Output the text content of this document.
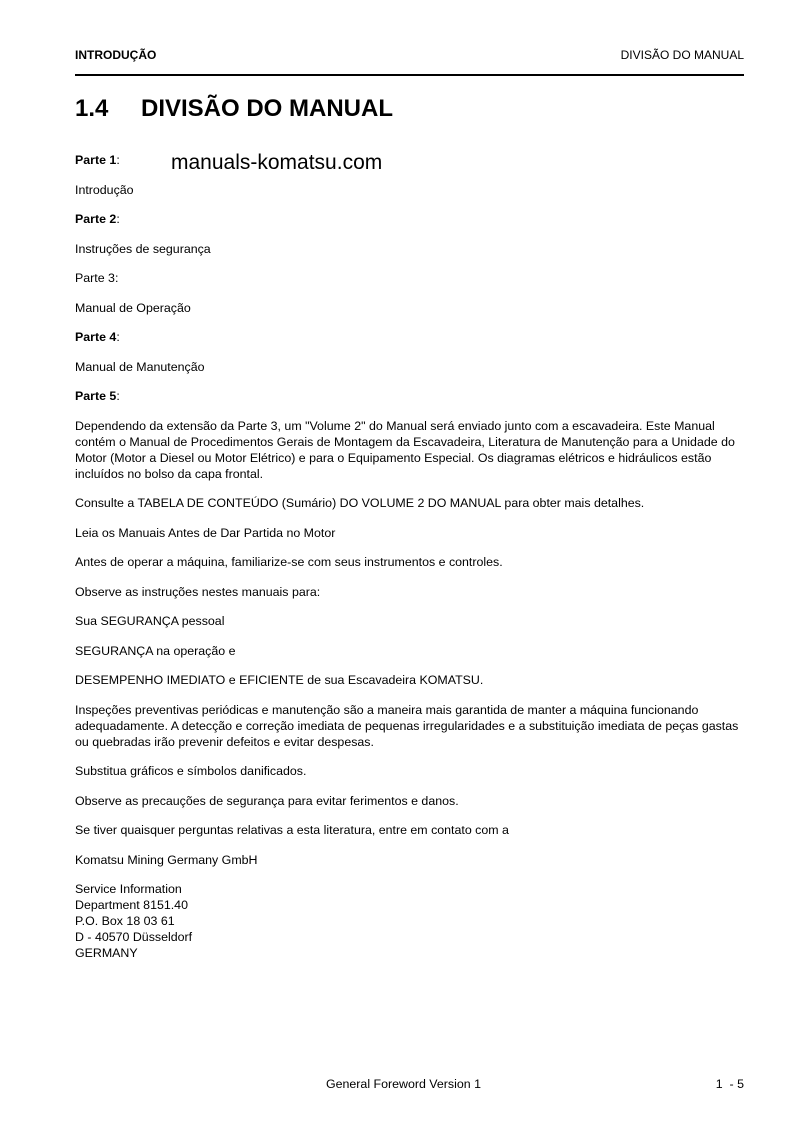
INTRODUÇÃO	DIVISÃO DO MANUAL
1.4 DIVISÃO DO MANUAL
manuals-komatsu.com

Parte 1:

Introdução

Parte 2:

Instruções de segurança

Parte 3:

Manual de Operação

Parte 4:

Manual de Manutenção

Parte 5:

Dependendo da extensão da Parte 3, um "Volume 2" do Manual será enviado junto com a escavadeira. Este Manual contém o Manual de Procedimentos Gerais de Montagem da Escavadeira, Literatura de Manutenção para a Unidade do Motor (Motor a Diesel ou Motor Elétrico) e para o Equipamento Especial. Os diagramas elétricos e hidráulicos estão incluídos no bolso da capa frontal.

Consulte a TABELA DE CONTEÚDO (Sumário) DO VOLUME 2 DO MANUAL para obter mais detalhes.

Leia os Manuais Antes de Dar Partida no Motor

Antes de operar a máquina, familiarize-se com seus instrumentos e controles.

Observe as instruções nestes manuais para:

Sua SEGURANÇA pessoal

SEGURANÇA na operação e

DESEMPENHO IMEDIATO e EFICIENTE de sua Escavadeira KOMATSU.

Inspeções preventivas periódicas e manutenção são a maneira mais garantida de manter a máquina funcionando adequadamente. A detecção e correção imediata de pequenas irregularidades e a substituição imediata de peças gastas ou quebradas irão prevenir defeitos e evitar despesas.

Substitua gráficos e símbolos danificados.

Observe as precauções de segurança para evitar ferimentos e danos.

Se tiver quaisquer perguntas relativas a esta literatura, entre em contato com a

Komatsu Mining Germany GmbH

Service Information

Department 8151.40

P.O. Box 18 03 61

D - 40570 Düsseldorf

GERMANY

General Foreword Version 1	1  - 5
